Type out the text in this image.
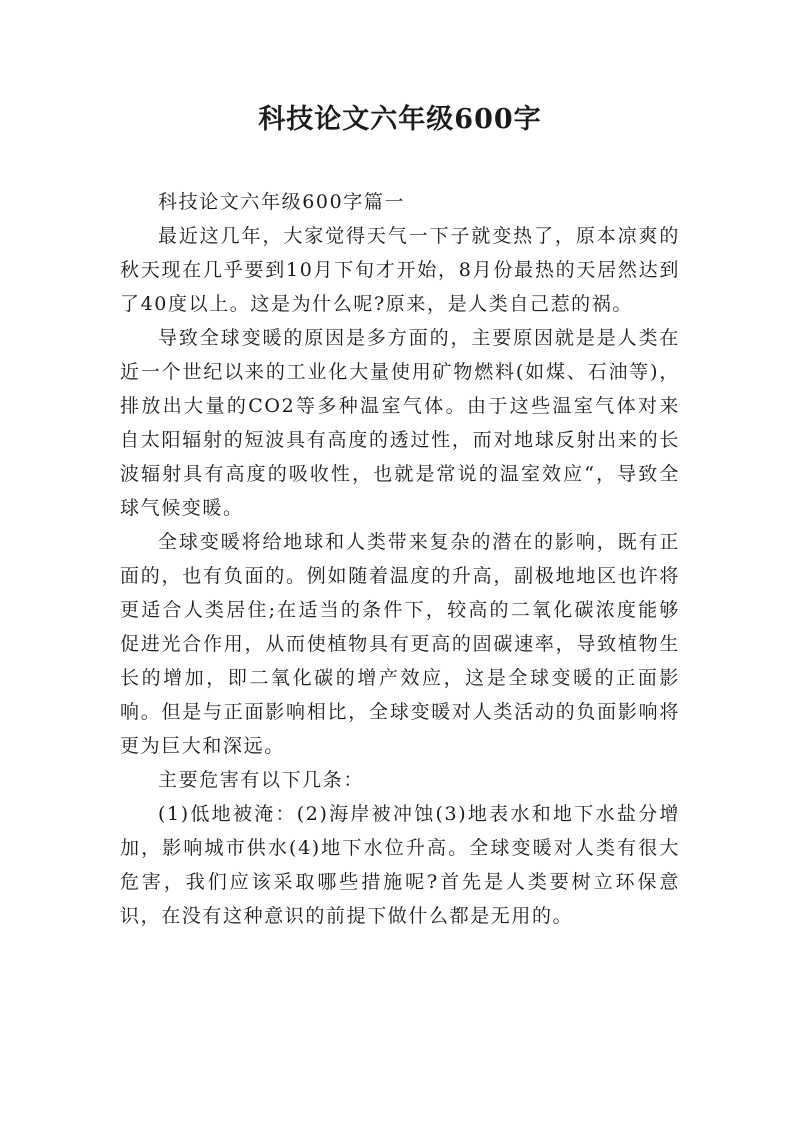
科技论文六年级600字

科技论文六年级600字篇一

最近这几年，大家觉得天气一下子就变热了，原本凉爽的秋天现在几乎要到10月下旬才开始，8月份最热的天居然达到了40度以上。这是为什么呢?原来，是人类自己惹的祸。

导致全球变暖的原因是多方面的，主要原因就是是人类在近一个世纪以来的工业化大量使用矿物燃料(如煤、石油等)，排放出大量的CO2等多种温室气体。由于这些温室气体对来自太阳辐射的短波具有高度的透过性，而对地球反射出来的长波辐射具有高度的吸收性，也就是常说的温室效应“，导致全球气候变暖。

全球变暖将给地球和人类带来复杂的潜在的影响，既有正面的，也有负面的。例如随着温度的升高，副极地地区也许将更适合人类居住;在适当的条件下，较高的二氧化碳浓度能够促进光合作用，从而使植物具有更高的固碳速率，导致植物生长的增加，即二氧化碳的增产效应，这是全球变暖的正面影响。但是与正面影响相比，全球变暖对人类活动的负面影响将更为巨大和深远。

主要危害有以下几条：

(1)低地被淹：(2)海岸被冲蚀(3)地表水和地下水盐分增加，影响城市供水(4)地下水位升高。全球变暖对人类有很大危害，我们应该采取哪些措施呢?首先是人类要树立环保意识，在没有这种意识的前提下做什么都是无用的。
